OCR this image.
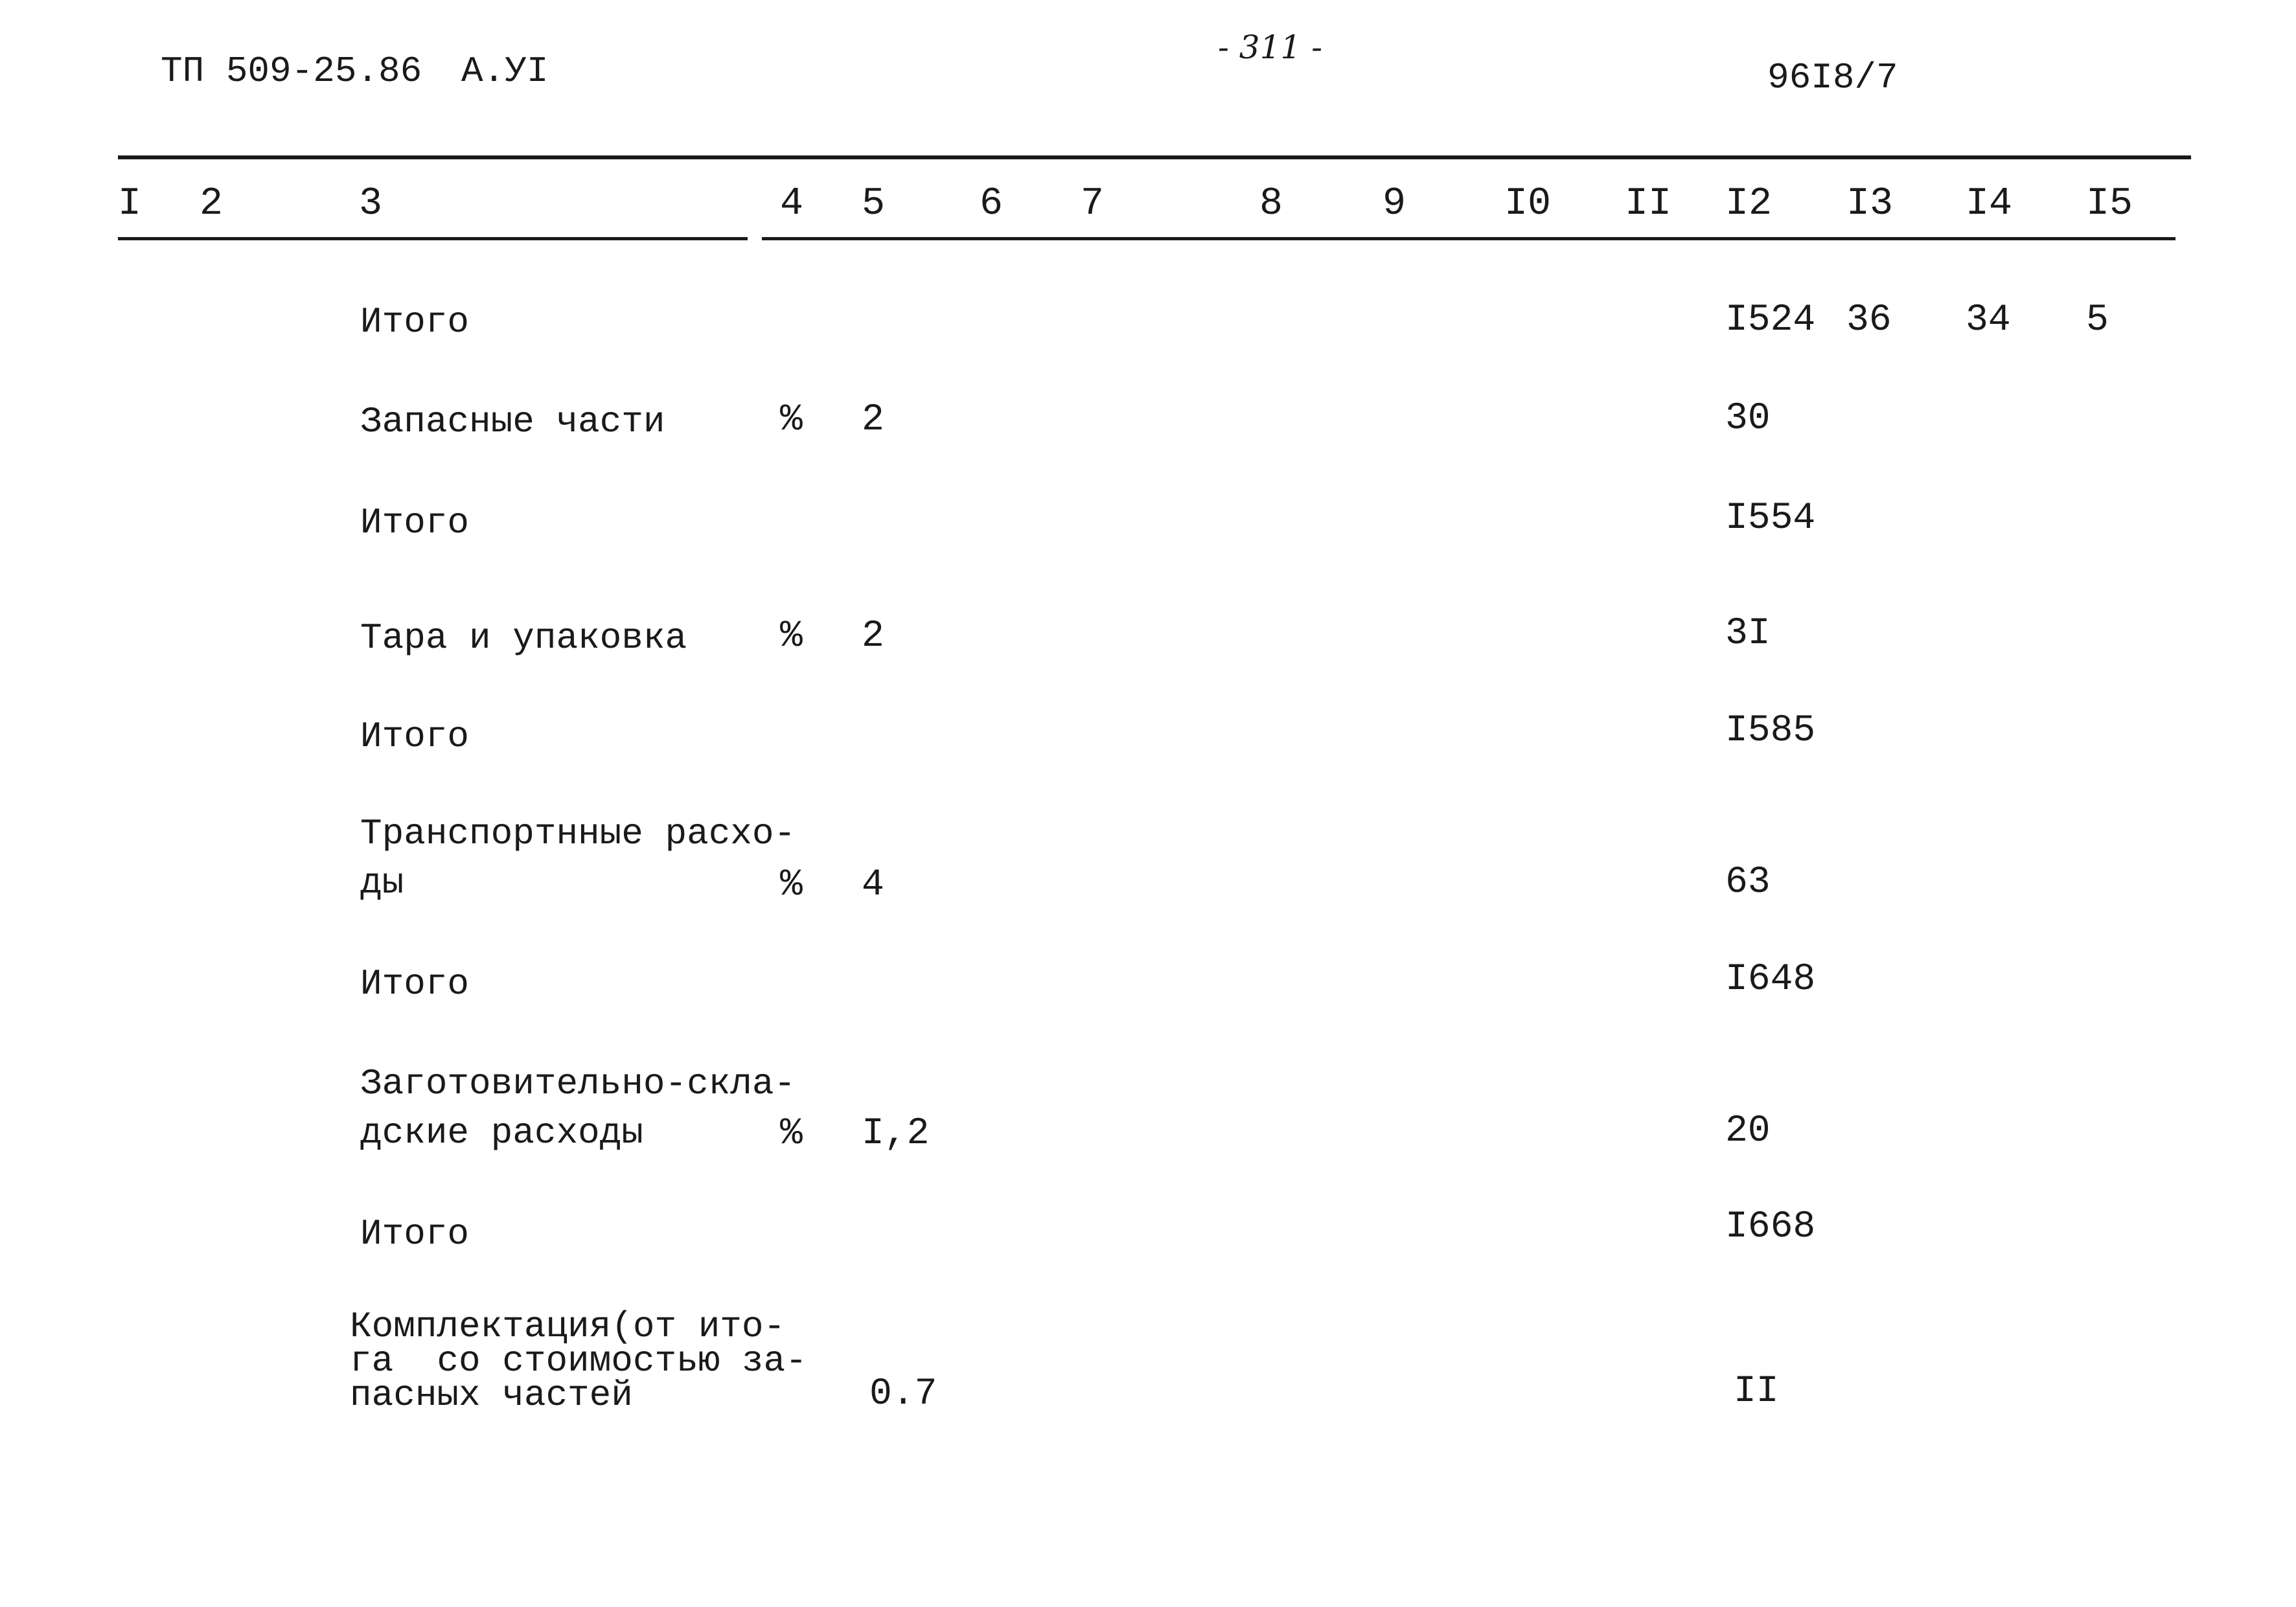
ТП 509-25.86 А.УI
- 311 -
96I8/7
I 2	3	4 5 6 7	8	9	I0 II I2 I3 I4 I5
Итого	I524 36 34 5
Запасные части	% 2	30
Итого	I554
Тара и упаковка % 2	3I
Итого	I585
Транспортнные расхо-
ды	% 4	63
Итого	I648
Заготовительно-скла-
дские расходы	% I,2	20
Итого	I668
Комплектация(от ито-
га  со стоимостью за-
пасных частей	0.7	II
